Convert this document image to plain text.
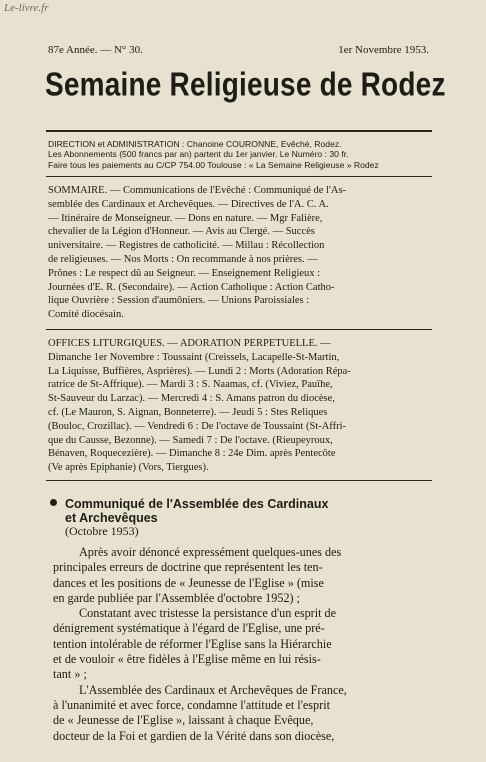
Le-livre.fr
87e Année. — N° 30.	1er Novembre 1953.
Semaine Religieuse de Rodez
DIRECTION et ADMINISTRATION : Chanoine COURONNE, Evêché, Rodez.
Les Abonnements (500 francs par an) partent du 1er janvier. Le Numéro : 30 fr.
Faire tous les paiements au C/CP 754.00 Toulouse : « La Semaine Religieuse » Rodez
SOMMAIRE. — Communications de l'Evêché : Communiqué de l'As-
semblée des Cardinaux et Archevêques. — Directives de l'A. C. A.
— Itinéraire de Monseigneur. — Dons en nature. — Mgr Falière,
chevalier de la Légion d'Honneur. — Avis au Clergé. — Succès
universitaire. — Registres de catholicité. — Millau : Récollection
de religieuses. — Nos Morts : On recommande à nos prières. —
Prônes : Le respect dû au Seigneur. — Enseignement Religieux :
Journées d'E. R. (Secondaire). — Action Catholique : Action Catho-
lique Ouvrière : Session d'aumôniers. — Unions Paroissiales :
Comité diocésain.
OFFICES LITURGIQUES. — ADORATION PERPETUELLE. —
Dimanche 1er Novembre : Toussaint (Creissels, Lacapelle-St-Martin,
La Liquisse, Buffières, Asprières). — Lundi 2 : Morts (Adoration Répa-
ratrice de St-Affrique). — Mardi 3 : S. Naamas, cf. (Viviez, Pauïhe,
St-Sauveur du Larzac). — Mercredi 4 : S. Amans patron du diocèse,
cf. (Le Mauron, S. Aignan, Bonneterre). — Jeudi 5 : Stes Reliques
(Bouloc, Crozillac). — Vendredi 6 : De l'octave de Toussaint (St-Affri-
que du Causse, Bezonne). — Samedi 7 : De l'octave. (Rieupeyroux,
Bénaven, Roquecezière). — Dimanche 8 : 24e Dim. après Pentecôte
(Ve après Epiphanie) (Vors, Tiergues).
Communiqué de l'Assemblée des Cardinaux
et Archevêques
(Octobre 1953)
Après avoir dénoncé expressément quelques-unes des
principales erreurs de doctrine que représentent les ten-
dances et les positions de « Jeunesse de l'Eglise » (mise
en garde publiée par l'Assemblée d'octobre 1952) ;
Constatant avec tristesse la persistance d'un esprit de
dénigrement systématique à l'égard de l'Eglise, une pré-
tention intolérable de réformer l'Eglise sans la Hiérarchie
et de vouloir « être fidèles à l'Eglise même en lui résis-
tant » ;
L'Assemblée des Cardinaux et Archevêques de France,
à l'unanimité et avec force, condamne l'attitude et l'esprit
de « Jeunesse de l'Eglise », laissant à chaque Evêque,
docteur de la Foi et gardien de la Vérité dans son diocèse,
